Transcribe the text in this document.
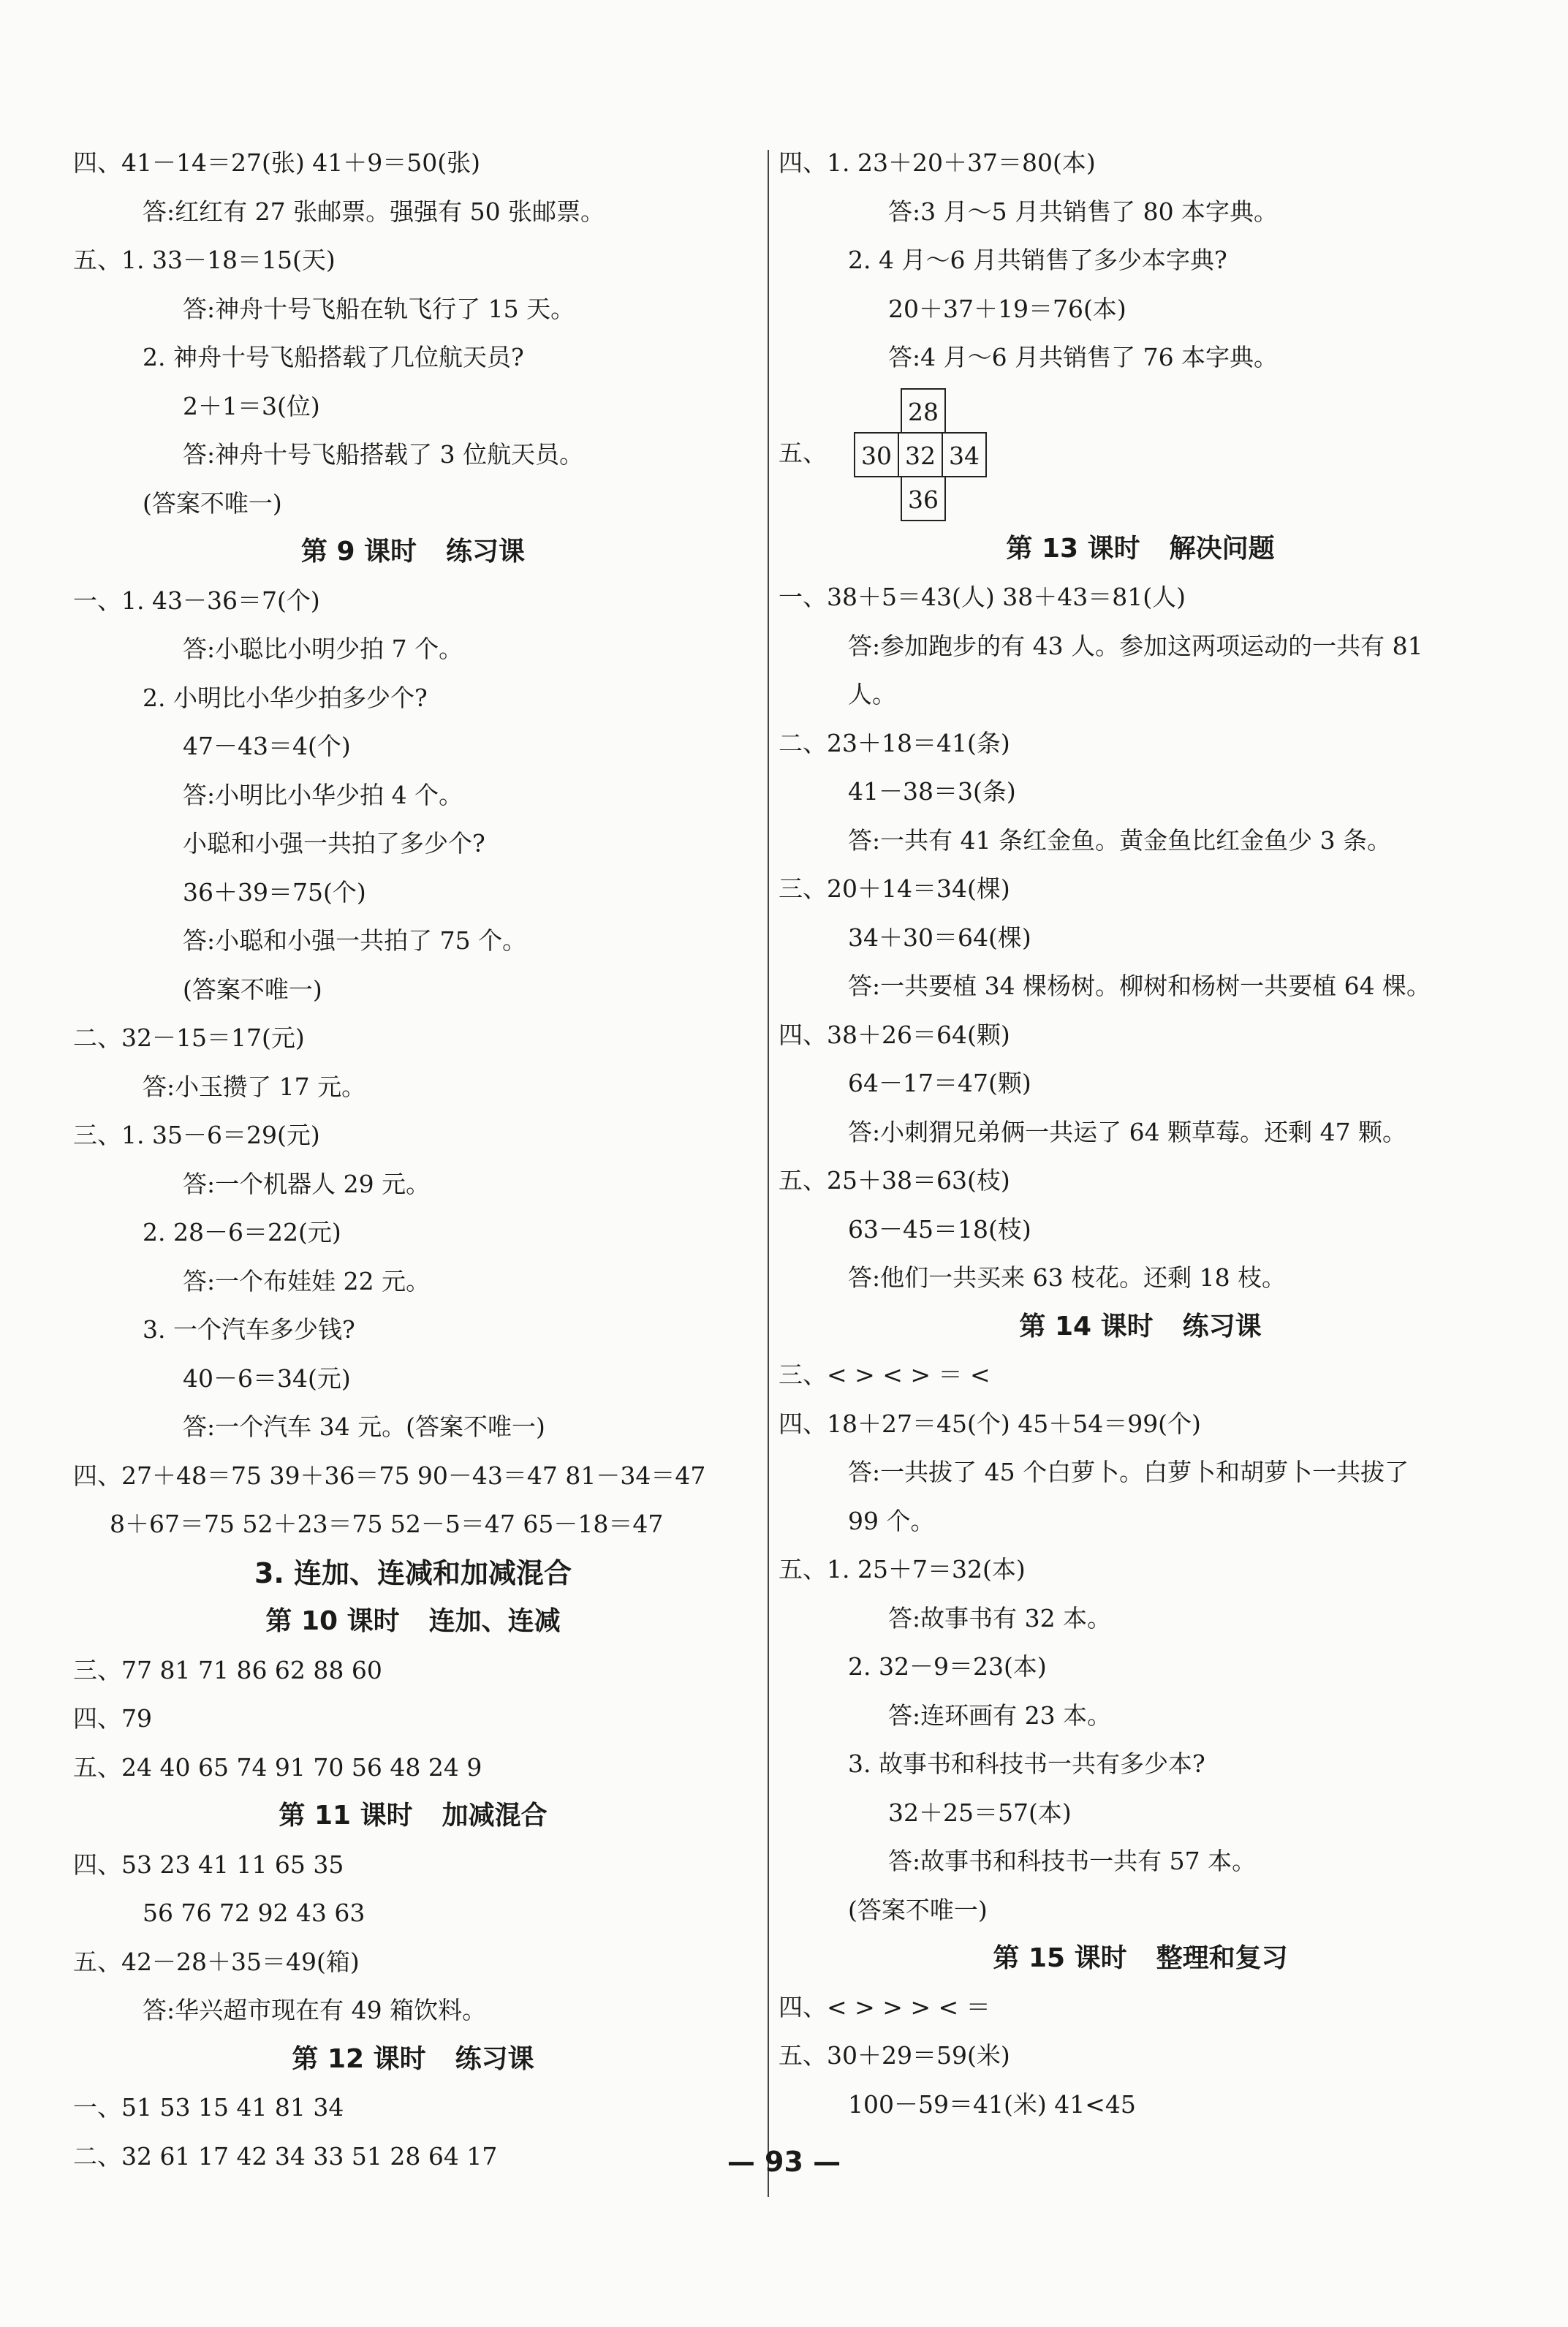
四、41－14＝27(张) 41＋9＝50(张)
答:红红有 27 张邮票。强强有 50 张邮票。
五、1. 33－18＝15(天)
答:神舟十号飞船在轨飞行了 15 天。
2. 神舟十号飞船搭载了几位航天员?
2＋1＝3(位)
答:神舟十号飞船搭载了 3 位航天员。
(答案不唯一)
第 9 课时 练习课
一、1. 43－36＝7(个)
答:小聪比小明少拍 7 个。
2. 小明比小华少拍多少个?
47－43＝4(个)
答:小明比小华少拍 4 个。
小聪和小强一共拍了多少个?
36＋39＝75(个)
答:小聪和小强一共拍了 75 个。
(答案不唯一)
二、32－15＝17(元)
答:小玉攒了 17 元。
三、1. 35－6＝29(元)
答:一个机器人 29 元。
2. 28－6＝22(元)
答:一个布娃娃 22 元。
3. 一个汽车多少钱?
40－6＝34(元)
答:一个汽车 34 元。(答案不唯一)
四、27＋48＝75 39＋36＝75 90－43＝47 81－34＝47
8＋67＝75 52＋23＝75 52－5＝47 65－18＝47
3. 连加、连减和加减混合
第 10 课时 连加、连减
三、77 81 71 86 62 88 60
四、79
五、24 40 65 74 91 70 56 48 24 9
第 11 课时 加减混合
四、53 23 41 11 65 35
56 76 72 92 43 63
五、42－28＋35＝49(箱)
答:华兴超市现在有 49 箱饮料。
第 12 课时 练习课
一、51 53 15 41 81 34
二、32 61 17 42 34 33 51 28 64 17
四、1. 23＋20＋37＝80(本)
答:3 月～5 月共销售了 80 本字典。
2. 4 月～6 月共销售了多少本字典?
20＋37＋19＝76(本)
答:4 月～6 月共销售了 76 本字典。
五、
28
30 32 34
36
第 13 课时 解决问题
一、38＋5＝43(人) 38＋43＝81(人)
答:参加跑步的有 43 人。参加这两项运动的一共有 81
人。
二、23＋18＝41(条)
41－38＝3(条)
答:一共有 41 条红金鱼。黄金鱼比红金鱼少 3 条。
三、20＋14＝34(棵)
34＋30＝64(棵)
答:一共要植 34 棵杨树。柳树和杨树一共要植 64 棵。
四、38＋26＝64(颗)
64－17＝47(颗)
答:小刺猬兄弟俩一共运了 64 颗草莓。还剩 47 颗。
五、25＋38＝63(枝)
63－45＝18(枝)
答:他们一共买来 63 枝花。还剩 18 枝。
第 14 课时 练习课
三、< > < > ＝ <
四、18＋27＝45(个) 45＋54＝99(个)
答:一共拔了 45 个白萝卜。白萝卜和胡萝卜一共拔了
99 个。
五、1. 25＋7＝32(本)
答:故事书有 32 本。
2. 32－9＝23(本)
答:连环画有 23 本。
3. 故事书和科技书一共有多少本?
32＋25＝57(本)
答:故事书和科技书一共有 57 本。
(答案不唯一)
第 15 课时 整理和复习
四、< > > > < ＝
五、30＋29＝59(米)
100－59＝41(米) 41<45
— 93 —
